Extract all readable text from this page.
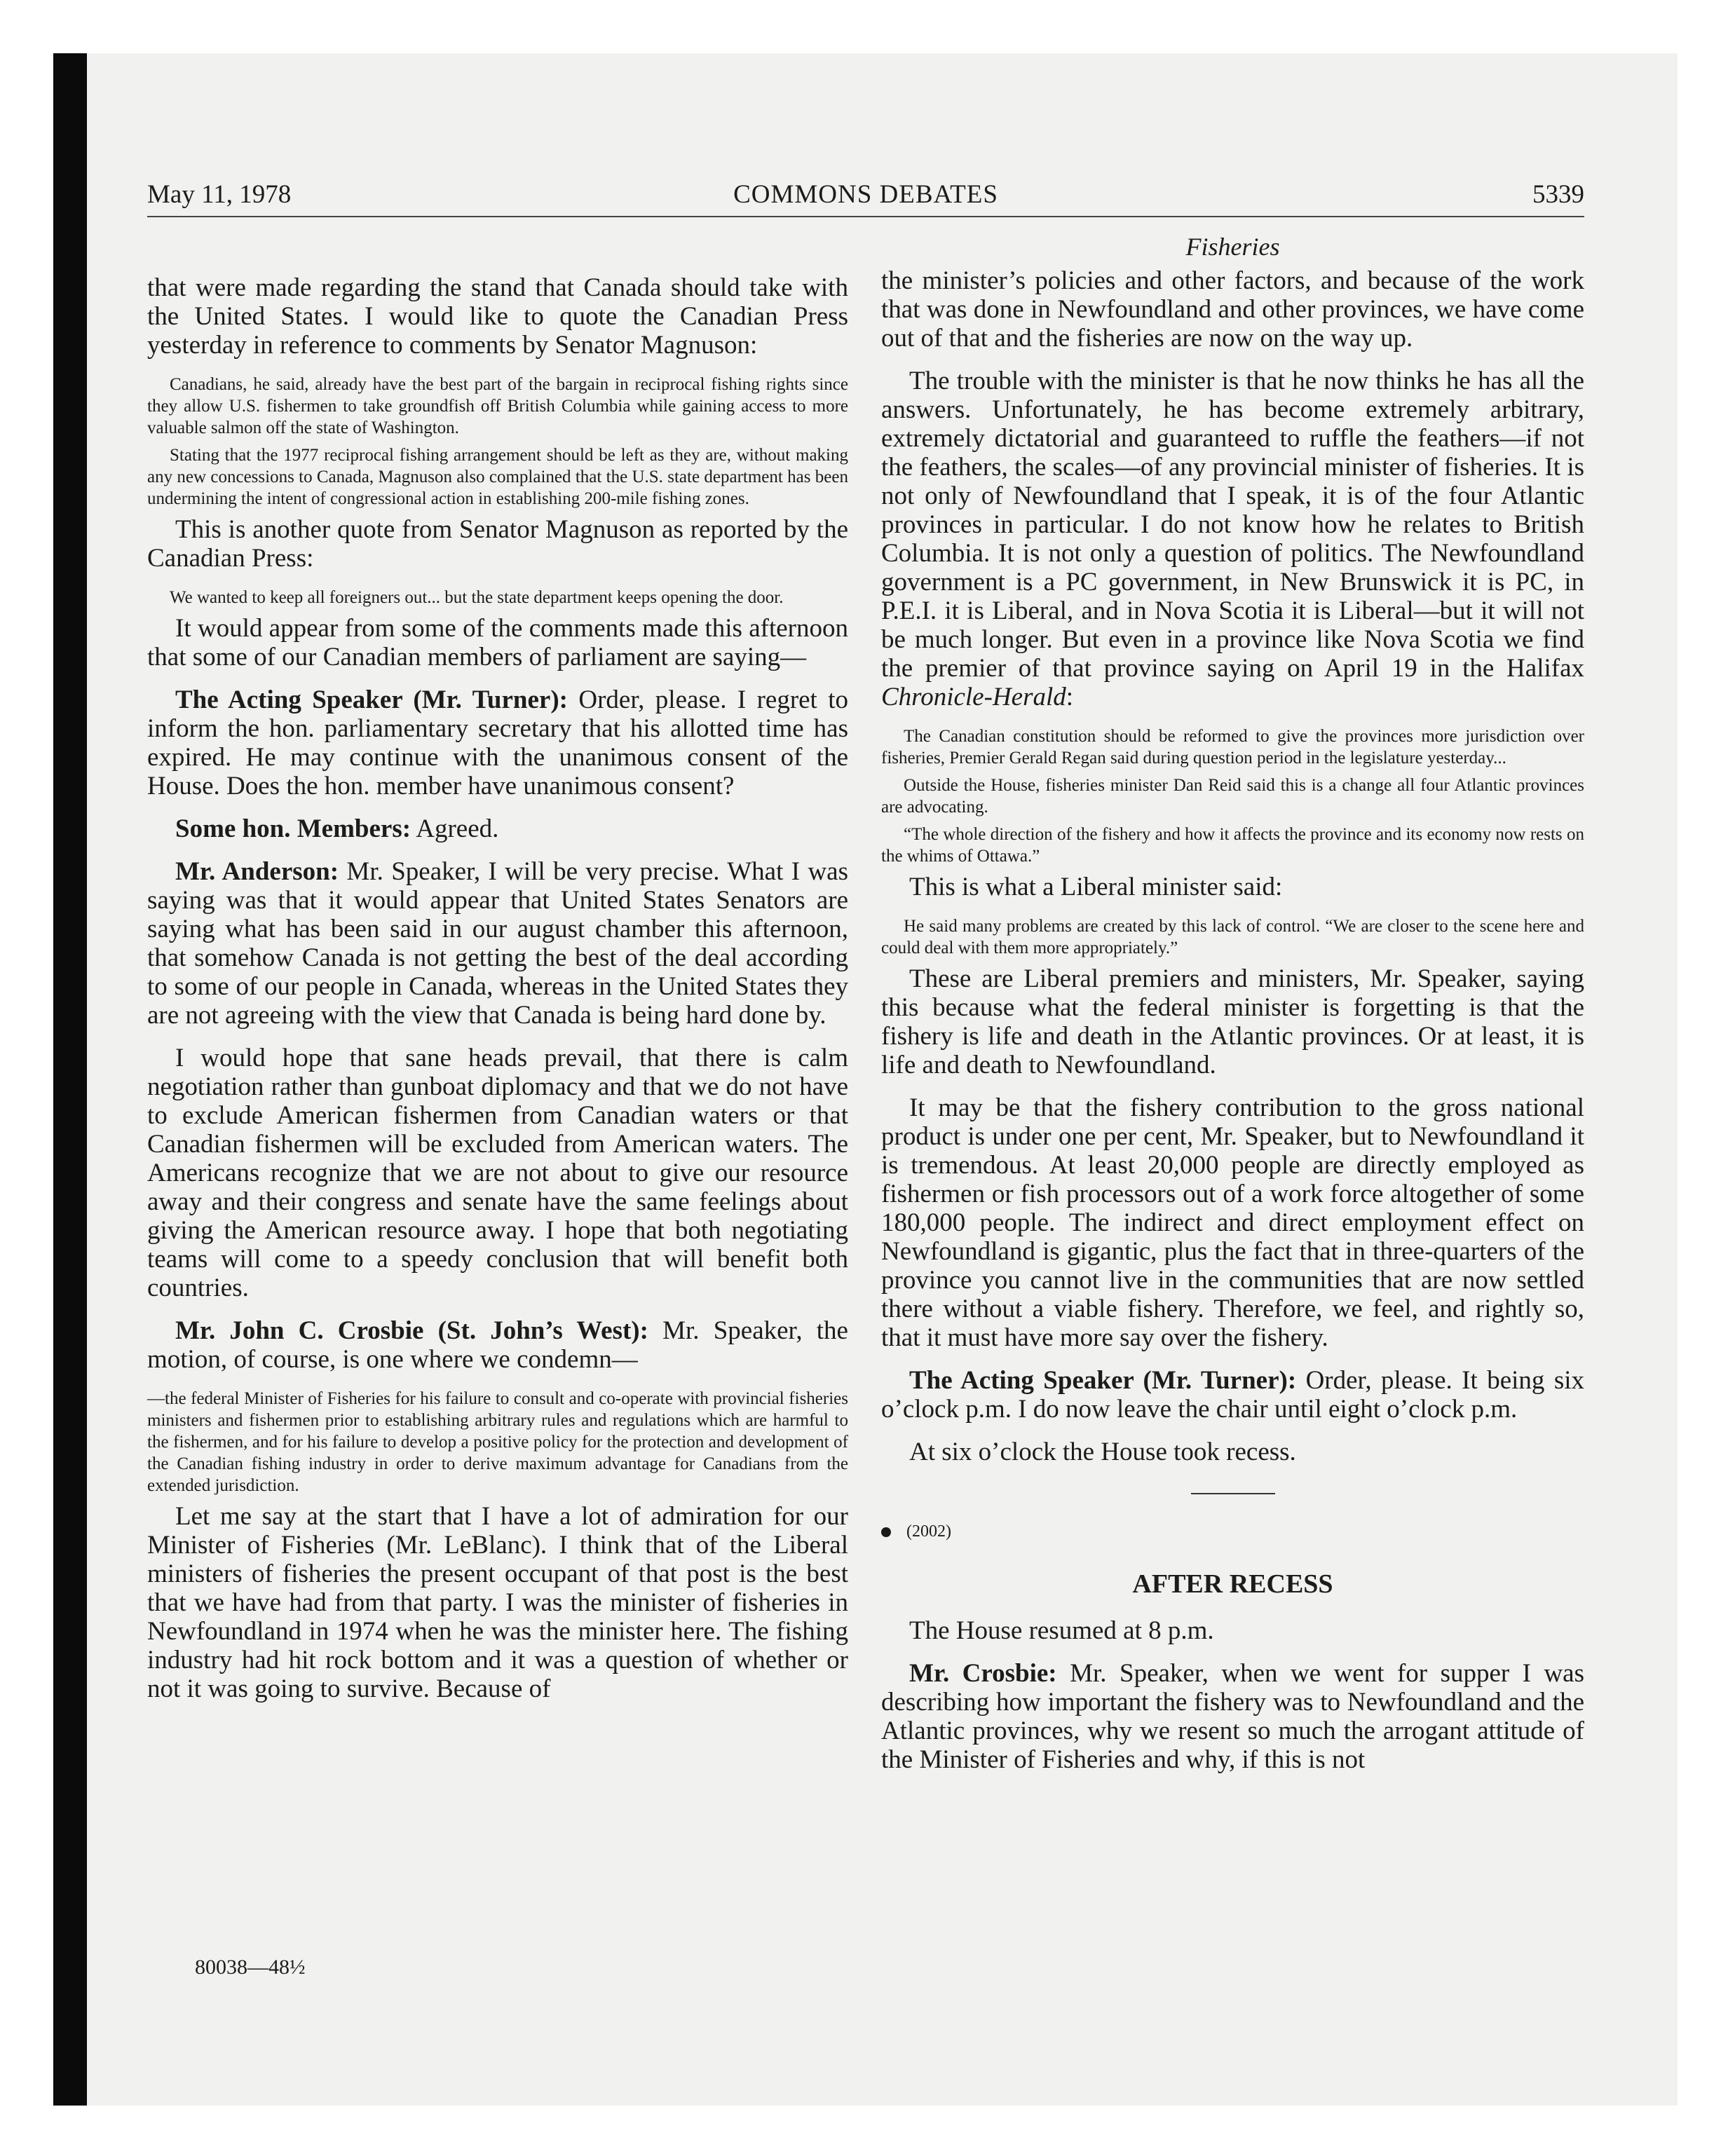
May 11, 1978	COMMONS DEBATES	5339

that were made regarding the stand that Canada should take with the United States. I would like to quote the Canadian Press yesterday in reference to comments by Senator Magnuson:

Canadians, he said, already have the best part of the bargain in reciprocal fishing rights since they allow U.S. fishermen to take groundfish off British Columbia while gaining access to more valuable salmon off the state of Washington.

Stating that the 1977 reciprocal fishing arrangement should be left as they are, without making any new concessions to Canada, Magnuson also complained that the U.S. state department has been undermining the intent of congressional action in establishing 200-mile fishing zones.

This is another quote from Senator Magnuson as reported by the Canadian Press:

We wanted to keep all foreigners out... but the state department keeps opening the door.

It would appear from some of the comments made this afternoon that some of our Canadian members of parliament are saying—

The Acting Speaker (Mr. Turner): Order, please. I regret to inform the hon. parliamentary secretary that his allotted time has expired. He may continue with the unanimous consent of the House. Does the hon. member have unanimous consent?

Some hon. Members: Agreed.

Mr. Anderson: Mr. Speaker, I will be very precise. What I was saying was that it would appear that United States Senators are saying what has been said in our august chamber this afternoon, that somehow Canada is not getting the best of the deal according to some of our people in Canada, whereas in the United States they are not agreeing with the view that Canada is being hard done by.

I would hope that sane heads prevail, that there is calm negotiation rather than gunboat diplomacy and that we do not have to exclude American fishermen from Canadian waters or that Canadian fishermen will be excluded from American waters. The Americans recognize that we are not about to give our resource away and their congress and senate have the same feelings about giving the American resource away. I hope that both negotiating teams will come to a speedy conclusion that will benefit both countries.

Mr. John C. Crosbie (St. John’s West): Mr. Speaker, the motion, of course, is one where we condemn—

—the federal Minister of Fisheries for his failure to consult and co-operate with provincial fisheries ministers and fishermen prior to establishing arbitrary rules and regulations which are harmful to the fishermen, and for his failure to develop a positive policy for the protection and development of the Canadian fishing industry in order to derive maximum advantage for Canadians from the extended jurisdiction.

Let me say at the start that I have a lot of admiration for our Minister of Fisheries (Mr. LeBlanc). I think that of the Liberal ministers of fisheries the present occupant of that post is the best that we have had from that party. I was the minister of fisheries in Newfoundland in 1974 when he was the minister here. The fishing industry had hit rock bottom and it was a question of whether or not it was going to survive. Because of

Fisheries

the minister’s policies and other factors, and because of the work that was done in Newfoundland and other provinces, we have come out of that and the fisheries are now on the way up.

The trouble with the minister is that he now thinks he has all the answers. Unfortunately, he has become extremely arbitrary, extremely dictatorial and guaranteed to ruffle the feathers—if not the feathers, the scales—of any provincial minister of fisheries. It is not only of Newfoundland that I speak, it is of the four Atlantic provinces in particular. I do not know how he relates to British Columbia. It is not only a question of politics. The Newfoundland government is a PC government, in New Brunswick it is PC, in P.E.I. it is Liberal, and in Nova Scotia it is Liberal—but it will not be much longer. But even in a province like Nova Scotia we find the premier of that province saying on April 19 in the Halifax Chronicle-Herald:

The Canadian constitution should be reformed to give the provinces more jurisdiction over fisheries, Premier Gerald Regan said during question period in the legislature yesterday...

Outside the House, fisheries minister Dan Reid said this is a change all four Atlantic provinces are advocating.

“The whole direction of the fishery and how it affects the province and its economy now rests on the whims of Ottawa.”

This is what a Liberal minister said:

He said many problems are created by this lack of control. “We are closer to the scene here and could deal with them more appropriately.”

These are Liberal premiers and ministers, Mr. Speaker, saying this because what the federal minister is forgetting is that the fishery is life and death in the Atlantic provinces. Or at least, it is life and death to Newfoundland.

It may be that the fishery contribution to the gross national product is under one per cent, Mr. Speaker, but to Newfoundland it is tremendous. At least 20,000 people are directly employed as fishermen or fish processors out of a work force altogether of some 180,000 people. The indirect and direct employment effect on Newfoundland is gigantic, plus the fact that in three-quarters of the province you cannot live in the communities that are now settled there without a viable fishery. Therefore, we feel, and rightly so, that it must have more say over the fishery.

The Acting Speaker (Mr. Turner): Order, please. It being six o’clock p.m. I do now leave the chair until eight o’clock p.m.

At six o’clock the House took recess.

(2002)
AFTER RECESS

The House resumed at 8 p.m.

Mr. Crosbie: Mr. Speaker, when we went for supper I was describing how important the fishery was to Newfoundland and the Atlantic provinces, why we resent so much the arrogant attitude of the Minister of Fisheries and why, if this is not

80038—48½
